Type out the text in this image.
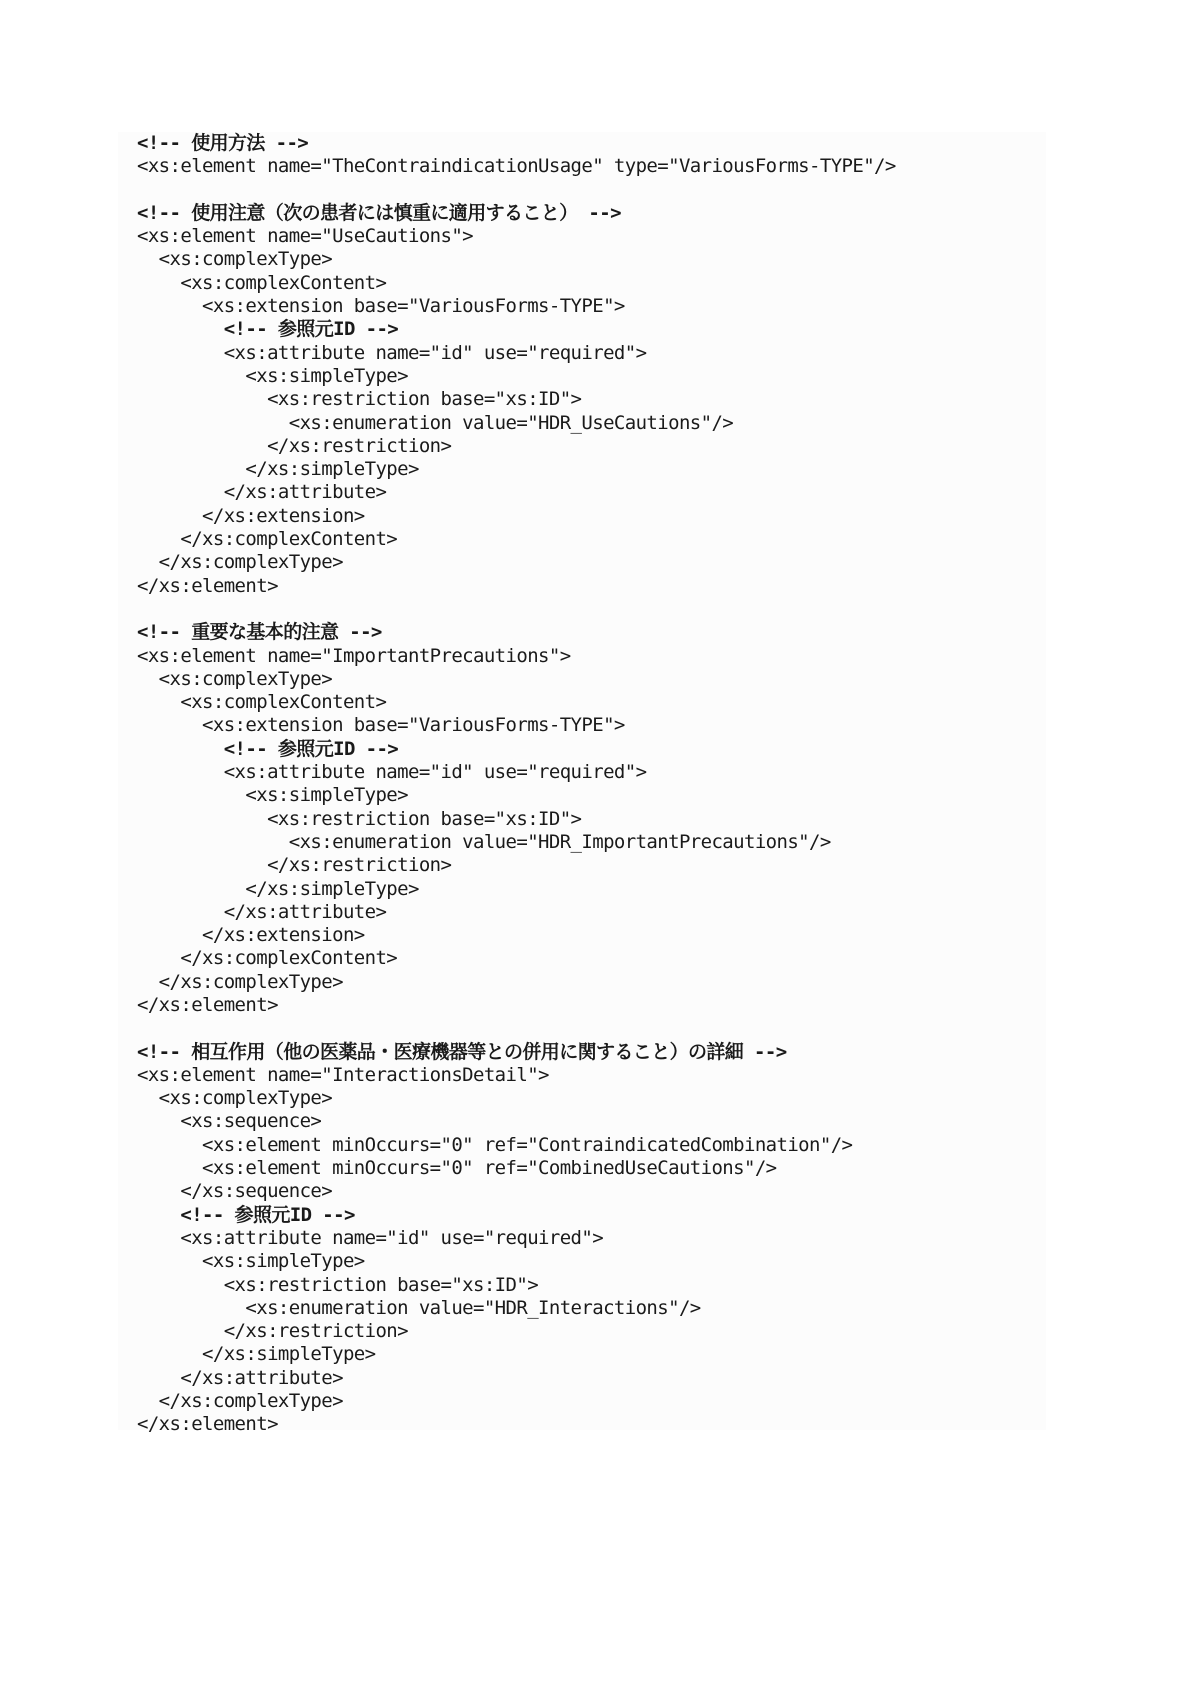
<!-- 使用方法 -->
<xs:element name="TheContraindicationUsage" type="VariousForms-TYPE"/>
<!-- 使用注意（次の患者には慎重に適用すること） -->
<xs:element name="UseCautions">
<xs:complexType>
<xs:complexContent>
<xs:extension base="VariousForms-TYPE">
<!-- 参照元ID -->
<xs:attribute name="id" use="required">
<xs:simpleType>
<xs:restriction base="xs:ID">
<xs:enumeration value="HDR_UseCautions"/>
</xs:restriction>
</xs:simpleType>
</xs:attribute>
</xs:extension>
</xs:complexContent>
</xs:complexType>
</xs:element>
<!-- 重要な基本的注意 -->
<xs:element name="ImportantPrecautions">
<xs:complexType>
<xs:complexContent>
<xs:extension base="VariousForms-TYPE">
<!-- 参照元ID -->
<xs:attribute name="id" use="required">
<xs:simpleType>
<xs:restriction base="xs:ID">
<xs:enumeration value="HDR_ImportantPrecautions"/>
</xs:restriction>
</xs:simpleType>
</xs:attribute>
</xs:extension>
</xs:complexContent>
</xs:complexType>
</xs:element>
<!-- 相互作用（他の医薬品・医療機器等との併用に関すること）の詳細 -->
<xs:element name="InteractionsDetail">
<xs:complexType>
<xs:sequence>
<xs:element minOccurs="0" ref="ContraindicatedCombination"/>
<xs:element minOccurs="0" ref="CombinedUseCautions"/>
</xs:sequence>
<!-- 参照元ID -->
<xs:attribute name="id" use="required">
<xs:simpleType>
<xs:restriction base="xs:ID">
<xs:enumeration value="HDR_Interactions"/>
</xs:restriction>
</xs:simpleType>
</xs:attribute>
</xs:complexType>
</xs:element>
